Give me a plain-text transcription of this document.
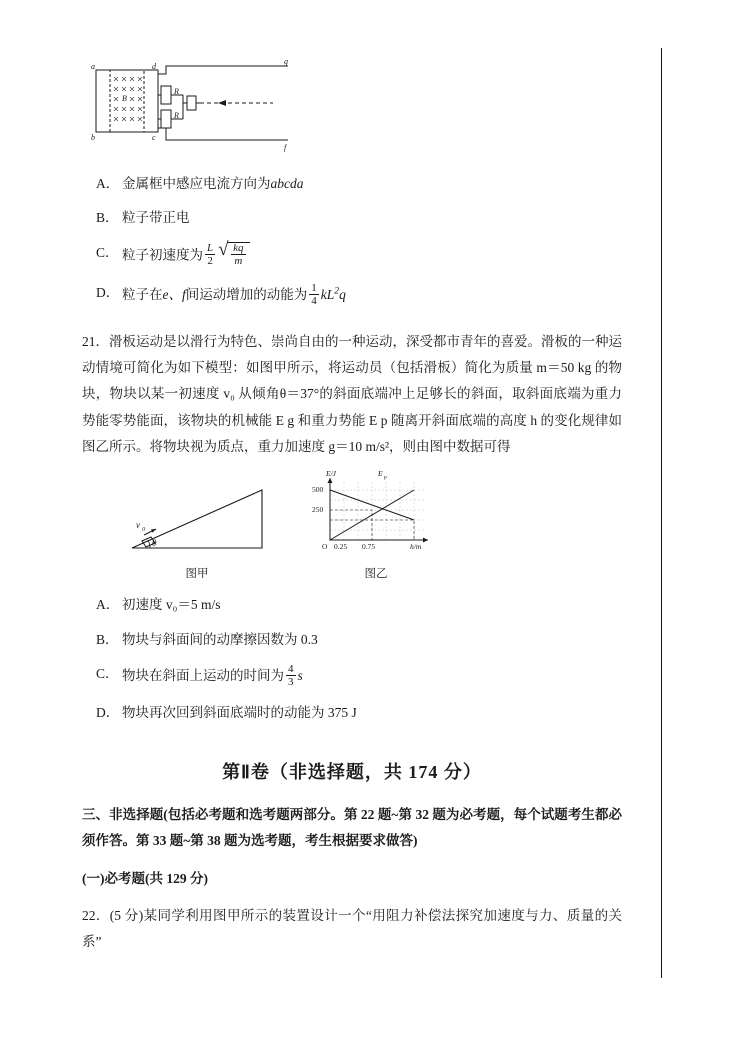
a
b	c
d
g
f
B
R
R
A． 金属框中感应电流方向为abcda
B． 粒子带正电
C． 粒子初速度为 $\frac{L}{2}$ √ $\frac{kq}{m}$
D． 粒子在e、f间运动增加的动能为 $\frac{1}{4} kL^2q$
21．滑板运动是以滑行为特色、崇尚自由的一种运动，深受都市青年的喜爱。滑板的一种运动情境可简化为如下模型：如图甲所示，将运动员（包括滑板）简化为质量 m＝50 kg 的物块，物块以某一初速度 v₀ 从倾角θ＝37°的斜面底端冲上足够长的斜面，取斜面底端为重力势能零势能面，该物块的机械能 E g 和重力势能 E p 随离开斜面底端的高度 h 的变化规律如图乙所示。将物块视为质点，重力加速度 g＝10 m/s²，则由图中数据可得
v 0
θ
图甲
E/J	E p
500
250
O 0.25 0.75	h/m
图乙
A． 初速度 v₀＝5 m/s
B． 物块与斜面间的动摩擦因数为 0.3
C． 物块在斜面上运动的时间为 $\frac{4}{3}$ s
D． 物块再次回到斜面底端时的动能为 375 J
第Ⅱ卷（非选择题，共 174 分）
三、非选择题(包括必考题和选考题两部分。第 22 题~第 32 题为必考题，每个试题考生都必须作答。第 33 题~第 38 题为选考题，考生根据要求做答)
(一)必考题(共 129 分)
22．(5 分)某同学利用图甲所示的装置设计一个“用阻力补偿法探究加速度与力、质量的关系”
